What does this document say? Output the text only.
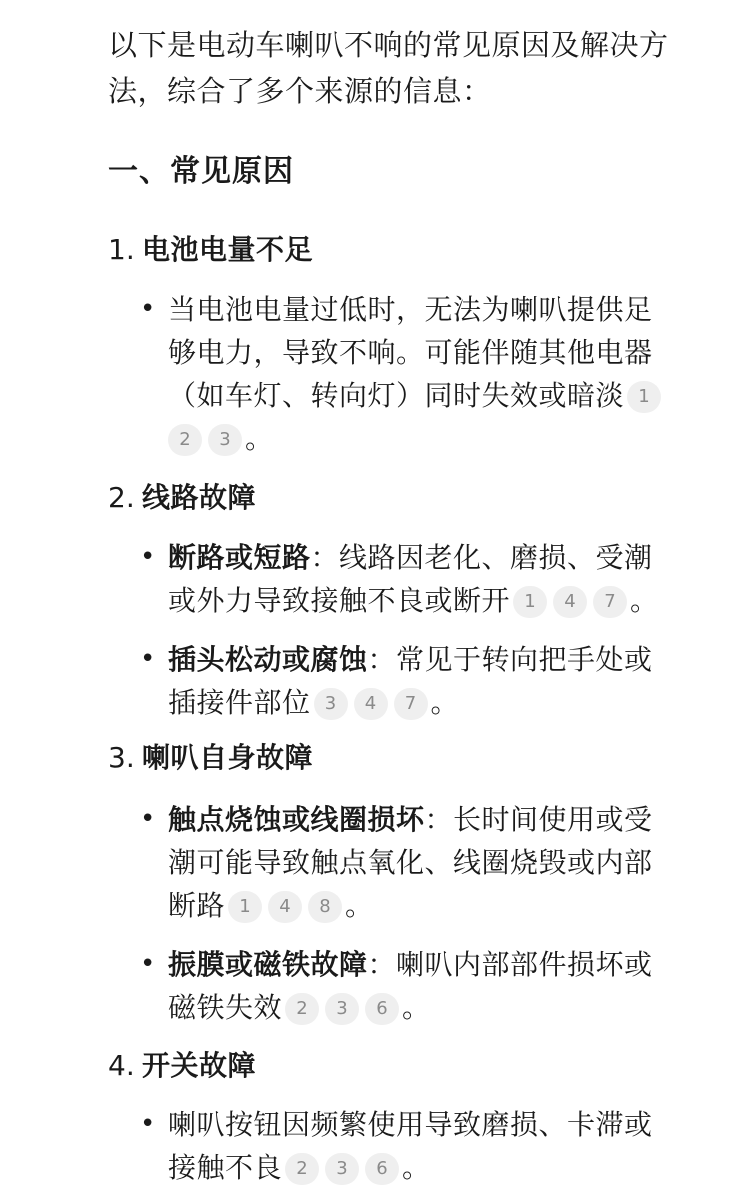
以下是电动车喇叭不响的常见原因及解决方
法，综合了多个来源的信息：
一、常见原因
1. 电池电量不足
• 当电池电量过低时，无法为喇叭提供足
够电力，导致不响。可能伴随其他电器
（如车灯、转向灯）同时失效或暗淡 1
2 3 。
2. 线路故障
• 断路或短路：线路因老化、磨损、受潮
或外力导致接触不良或断开 1 4 7 。
• 插头松动或腐蚀：常见于转向把手处或
插接件部位 3 4 7 。
3. 喇叭自身故障
• 触点烧蚀或线圈损坏：长时间使用或受
潮可能导致触点氧化、线圈烧毁或内部
断路 1 4 8 。
• 振膜或磁铁故障：喇叭内部部件损坏或
磁铁失效 2 3 6 。
4. 开关故障
• 喇叭按钮因频繁使用导致磨损、卡滞或
接触不良 2 3 6 。
